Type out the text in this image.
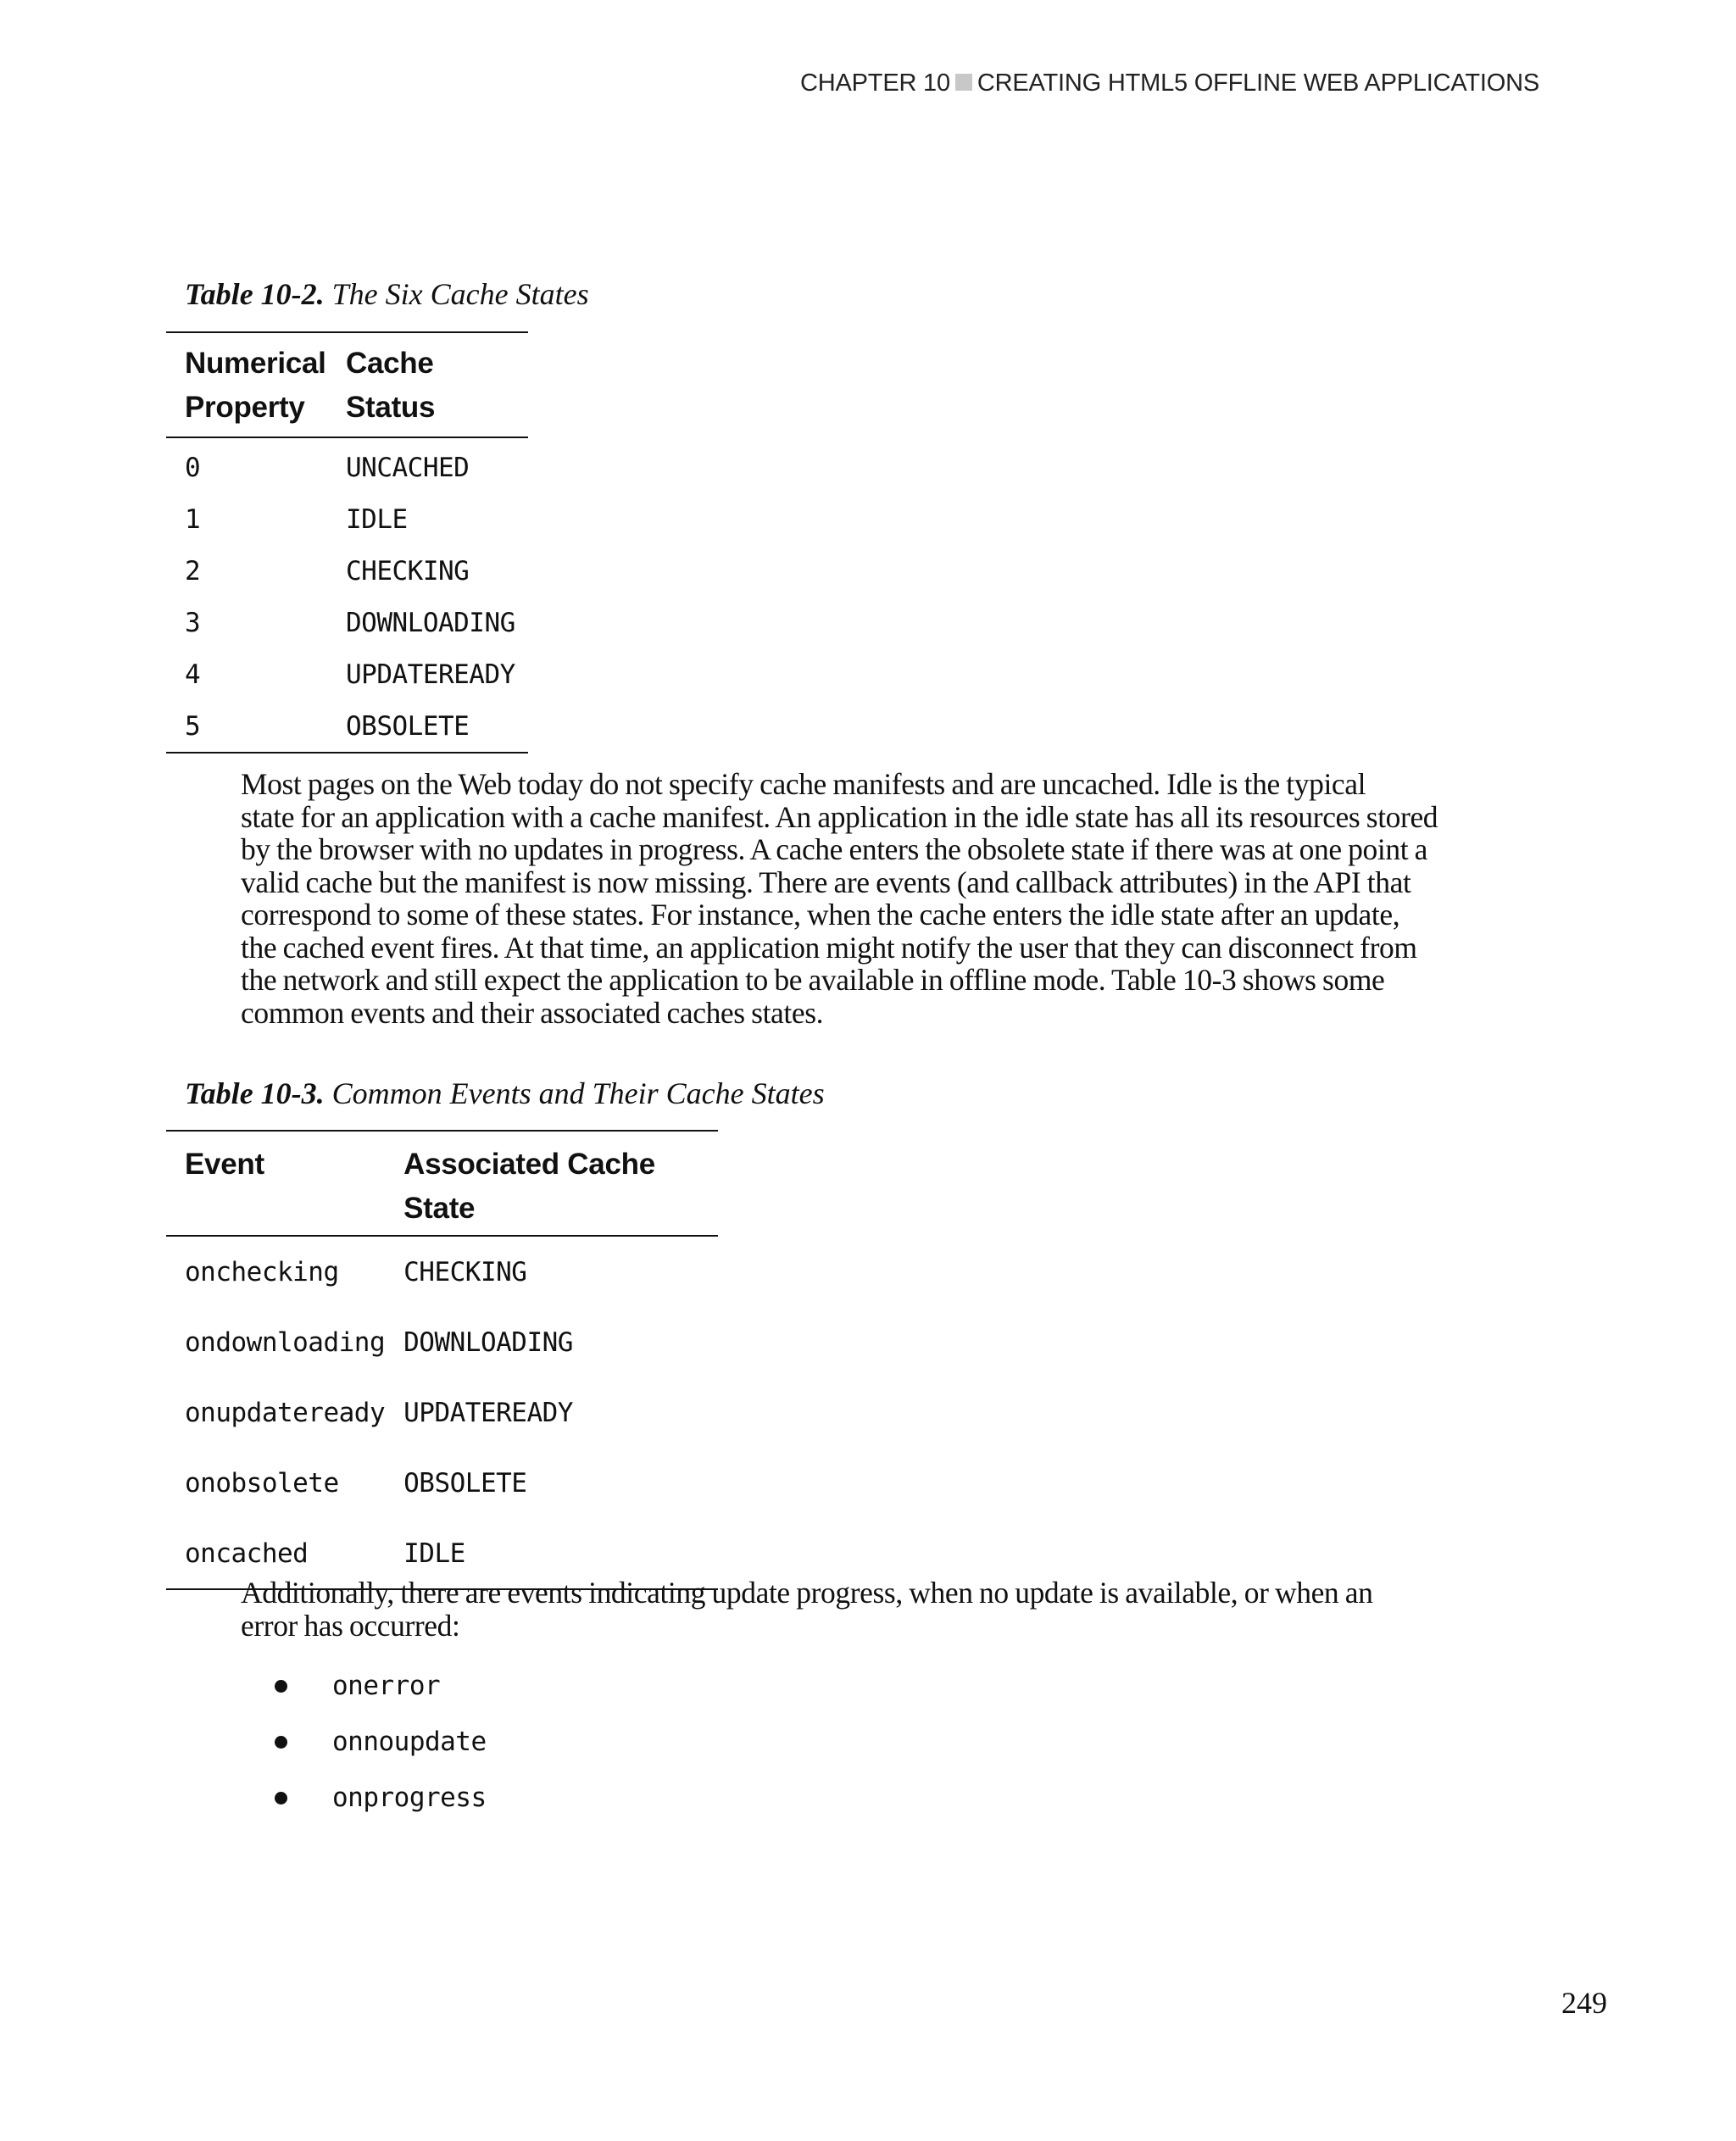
CHAPTER 10 CREATING HTML5 OFFLINE WEB APPLICATIONS
Table 10-2. The Six Cache States
Numerical Property	Cache Status
0	UNCACHED
1	IDLE
2	CHECKING
3	DOWNLOADING
4	UPDATEREADY
5	OBSOLETE

Most pages on the Web today do not specify cache manifests and are uncached. Idle is the typical
state for an application with a cache manifest. An application in the idle state has all its resources stored
by the browser with no updates in progress. A cache enters the obsolete state if there was at one point a
valid cache but the manifest is now missing. There are events (and callback attributes) in the API that
correspond to some of these states. For instance, when the cache enters the idle state after an update,
the cached event fires. At that time, an application might notify the user that they can disconnect from
the network and still expect the application to be available in offline mode. Table 10-3 shows some
common events and their associated caches states.

Table 10-3. Common Events and Their Cache States
Event	Associated Cache State
onchecking	CHECKING
ondownloading	DOWNLOADING
onupdateready	UPDATEREADY
onobsolete	OBSOLETE
oncached	IDLE

Additionally, there are events indicating update progress, when no update is available, or when an
error has occurred:

onerror
onnoupdate
onprogress
249
